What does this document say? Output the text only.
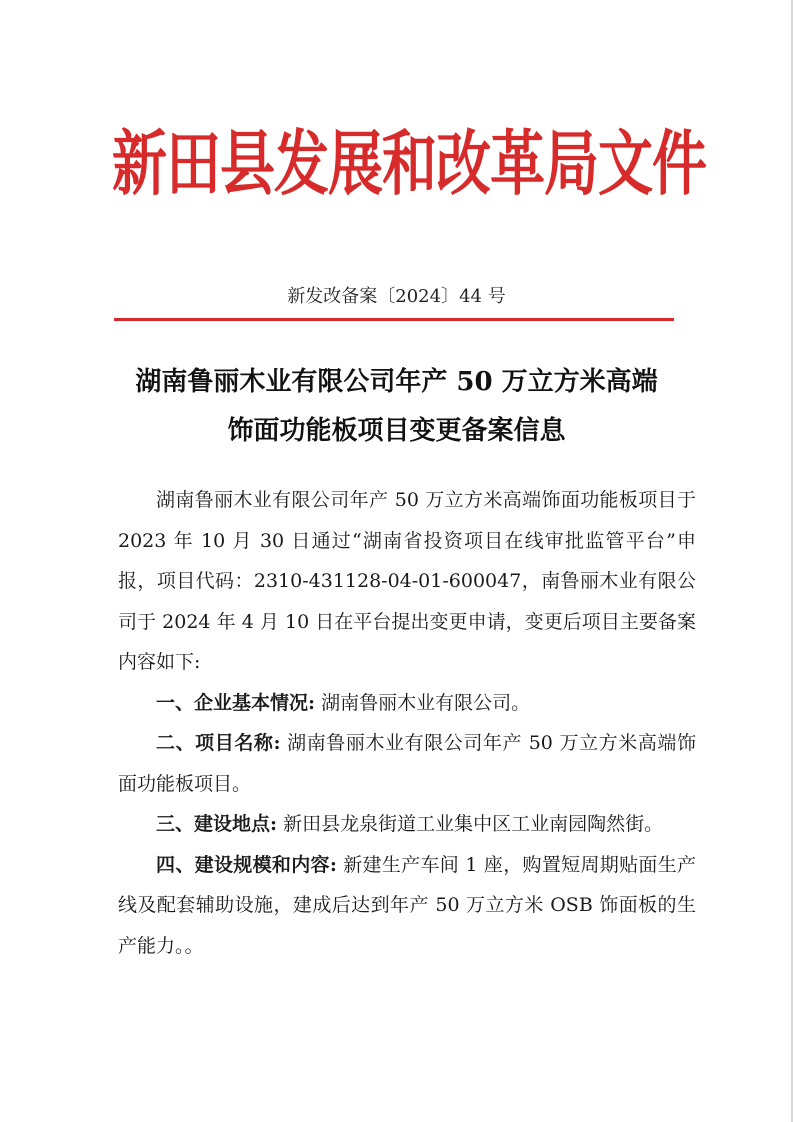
新田县发展和改革局文件
新发改备案〔2024〕44 号
湖南鲁丽木业有限公司年产 50 万立方米高端
饰面功能板项目变更备案信息

湖南鲁丽木业有限公司年产 50 万立方米高端饰面功能板项目于 2023 年 10 月 30 日通过“湖南省投资项目在线审批监管平台”申报，项目代码：2310-431128-04-01-600047，南鲁丽木业有限公司于 2024 年 4 月 10 日在平台提出变更申请，变更后项目主要备案内容如下:

一、企业基本情况: 湖南鲁丽木业有限公司。

二、项目名称: 湖南鲁丽木业有限公司年产 50 万立方米高端饰面功能板项目。

三、建设地点: 新田县龙泉街道工业集中区工业南园陶然街。

四、建设规模和内容: 新建生产车间 1 座，购置短周期贴面生产线及配套辅助设施，建成后达到年产 50 万立方米 OSB 饰面板的生产能力。。
